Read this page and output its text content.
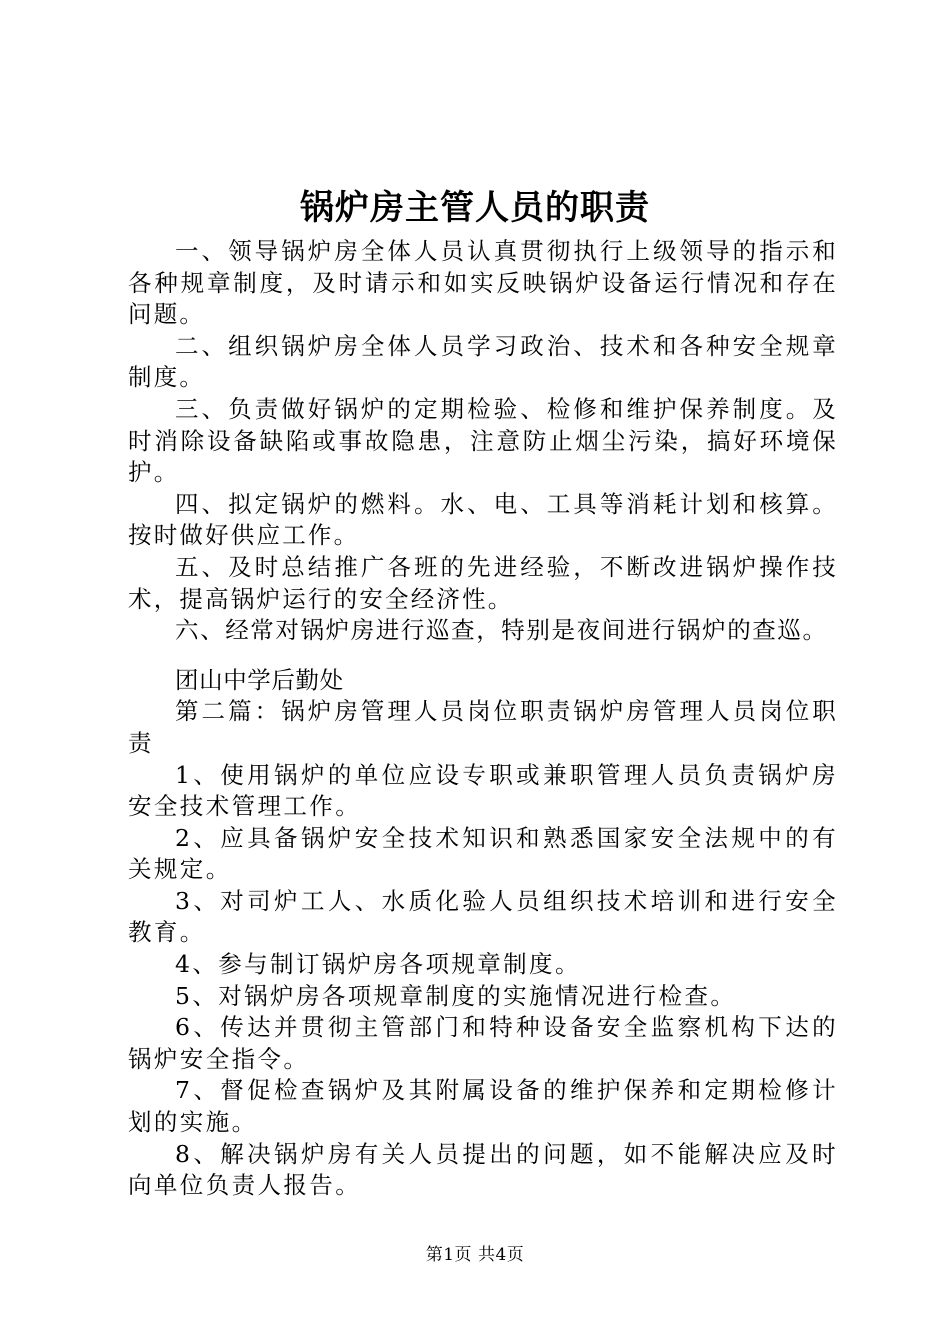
锅炉房主管人员的职责

一、领导锅炉房全体人员认真贯彻执行上级领导的指示和各种规章制度，及时请示和如实反映锅炉设备运行情况和存在问题。

二、组织锅炉房全体人员学习政治、技术和各种安全规章制度。

三、负责做好锅炉的定期检验、检修和维护保养制度。及时消除设备缺陷或事故隐患，注意防止烟尘污染，搞好环境保护。

四、拟定锅炉的燃料。水、电、工具等消耗计划和核算。按时做好供应工作。

五、及时总结推广各班的先进经验，不断改进锅炉操作技术，提高锅炉运行的安全经济性。

六、经常对锅炉房进行巡查，特别是夜间进行锅炉的查巡。

团山中学后勤处

第二篇：锅炉房管理人员岗位职责锅炉房管理人员岗位职责

1、使用锅炉的单位应设专职或兼职管理人员负责锅炉房安全技术管理工作。

2、应具备锅炉安全技术知识和熟悉国家安全法规中的有关规定。

3、对司炉工人、水质化验人员组织技术培训和进行安全教育。

4、参与制订锅炉房各项规章制度。

5、对锅炉房各项规章制度的实施情况进行检查。

6、传达并贯彻主管部门和特种设备安全监察机构下达的锅炉安全指令。

7、督促检查锅炉及其附属设备的维护保养和定期检修计划的实施。

8、解决锅炉房有关人员提出的问题，如不能解决应及时向单位负责人报告。

第1页 共4页
